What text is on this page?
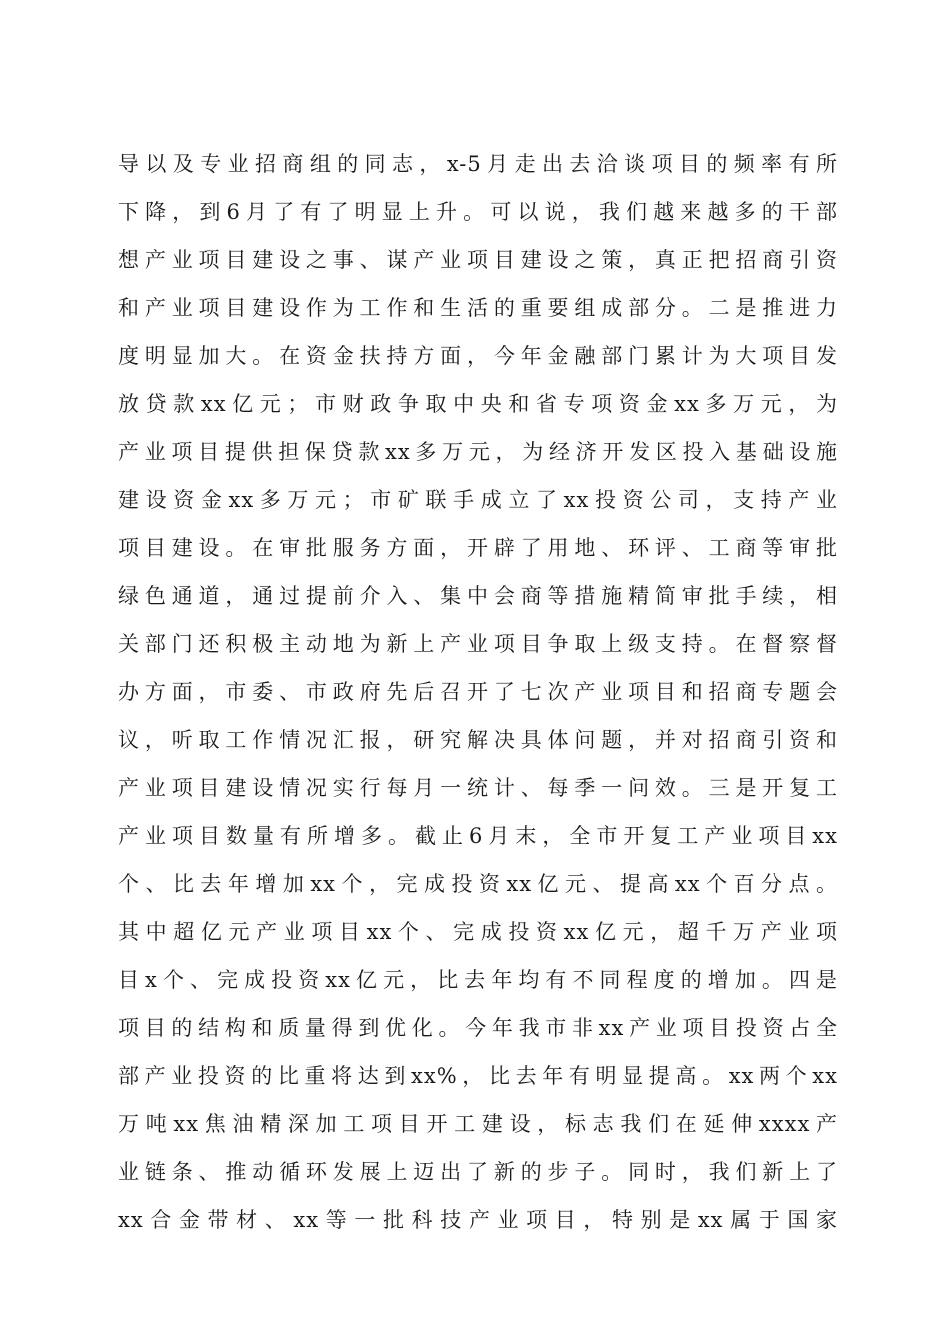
导以及专业招商组的同志，x-5月走出去洽谈项目的频率有所
下降，到6月了有了明显上升。可以说，我们越来越多的干部
想产业项目建设之事、谋产业项目建设之策，真正把招商引资
和产业项目建设作为工作和生活的重要组成部分。二是推进力
度明显加大。在资金扶持方面，今年金融部门累计为大项目发
放贷款xx亿元；市财政争取中央和省专项资金xx多万元，为
产业项目提供担保贷款xx多万元，为经济开发区投入基础设施
建设资金xx多万元；市矿联手成立了xx投资公司，支持产业
项目建设。在审批服务方面，开辟了用地、环评、工商等审批
绿色通道，通过提前介入、集中会商等措施精简审批手续，相
关部门还积极主动地为新上产业项目争取上级支持。在督察督
办方面，市委、市政府先后召开了七次产业项目和招商专题会
议，听取工作情况汇报，研究解决具体问题，并对招商引资和
产业项目建设情况实行每月一统计、每季一问效。三是开复工
产业项目数量有所增多。截止6月末，全市开复工产业项目xx
个、比去年增加xx个，完成投资xx亿元、提高xx个百分点。
其中超亿元产业项目xx个、完成投资xx亿元，超千万产业项
目x个、完成投资xx亿元，比去年均有不同程度的增加。四是
项目的结构和质量得到优化。今年我市非xx产业项目投资占全
部产业投资的比重将达到xx%，比去年有明显提高。xx两个xx
万吨xx焦油精深加工项目开工建设，标志我们在延伸xxxx产
业链条、推动循环发展上迈出了新的步子。同时，我们新上了
xx合金带材、xx等一批科技产业项目，特别是xx属于国家
